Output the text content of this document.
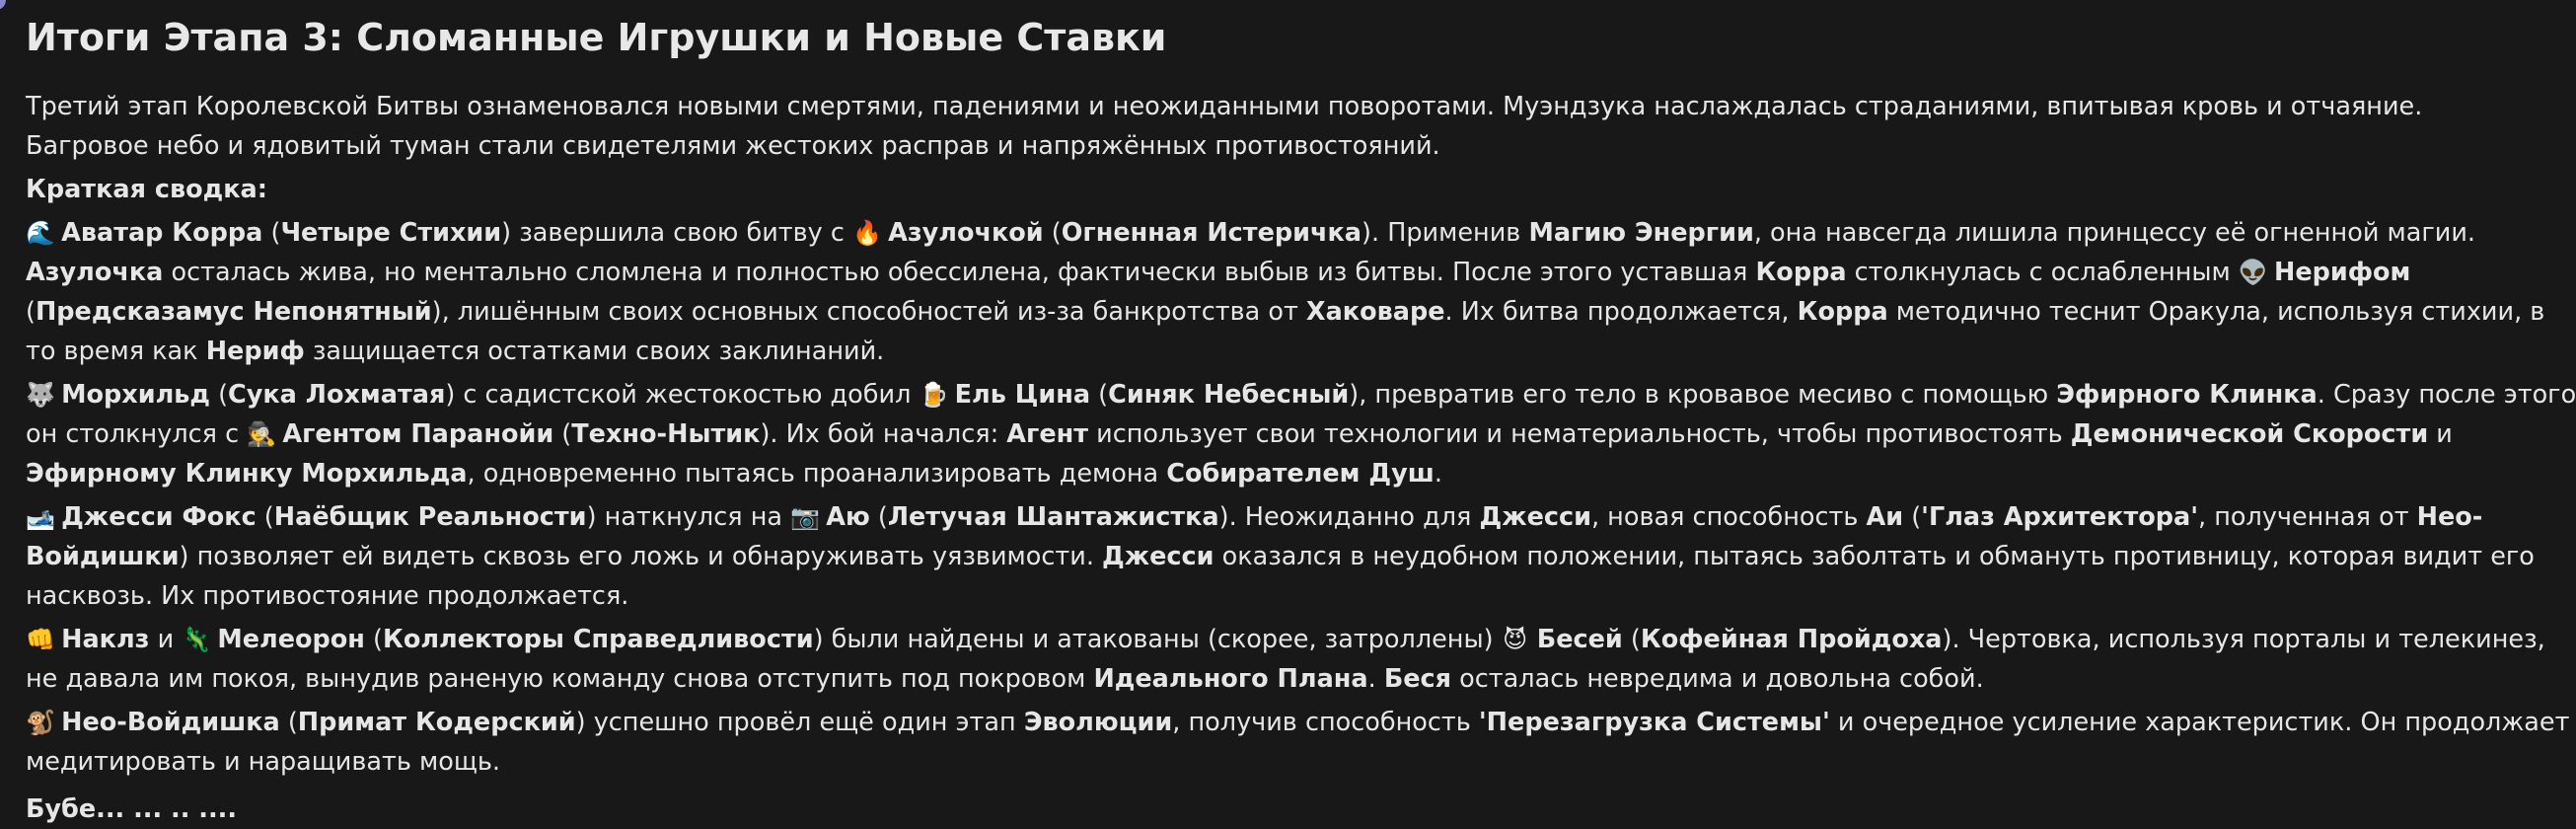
Итоги Этапа 3: Сломанные Игрушки и Новые Ставки
Третий этап Королевской Битвы ознаменовался новыми смертями, падениями и неожиданными поворотами. Муэндзука наслаждалась страданиями, впитывая кровь и отчаяние.
Багровое небо и ядовитый туман стали свидетелями жестоких расправ и напряжённых противостояний.
Краткая сводка:
🌊 Аватар Корра (Четыре Стихии) завершила свою битву с 🔥 Азулочкой (Огненная Истеричка). Применив Магию Энергии, она навсегда лишила принцессу её огненной магии.
Азулочка осталась жива, но ментально сломлена и полностью обессилена, фактически выбыв из битвы. После этого уставшая Корра столкнулась с ослабленным 👽 Нерифом
(Предсказамус Непонятный), лишённым своих основных способностей из-за банкротства от Хаковаре. Их битва продолжается, Корра методично теснит Оракула, используя стихии, в
то время как Нериф защищается остатками своих заклинаний.
🐺 Морхильд (Сука Лохматая) с садистской жестокостью добил 🍺 Ель Цина (Синяк Небесный), превратив его тело в кровавое месиво с помощью Эфирного Клинка. Сразу после этого
он столкнулся с 🕵 Агентом Паранойи (Техно-Нытик). Их бой начался: Агент использует свои технологии и нематериальность, чтобы противостоять Демонической Скорости и
Эфирному Клинку Морхильда, одновременно пытаясь проанализировать демона Собирателем Душ.
🎿 Джесси Фокс (Наёбщик Реальности) наткнулся на 📷 Аю (Летучая Шантажистка). Неожиданно для Джесси, новая способность Аи ('Глаз Архитектора', полученная от Нео-
Войдишки) позволяет ей видеть сквозь его ложь и обнаруживать уязвимости. Джесси оказался в неудобном положении, пытаясь заболтать и обмануть противницу, которая видит его
насквозь. Их противостояние продолжается.
👊 Наклз и 🦎 Мелеорон (Коллекторы Справедливости) были найдены и атакованы (скорее, затроллены) 😈 Бесей (Кофейная Пройдоха). Чертовка, используя порталы и телекинез,
не давала им покоя, вынудив раненую команду снова отступить под покровом Идеального Плана. Беся осталась невредима и довольна собой.
🐒 Нео-Войдишка (Примат Кодерский) успешно провёл ещё один этап Эволюции, получив способность 'Перезагрузка Системы' и очередное усиление характеристик. Он продолжает
медитировать и наращивать мощь.
Бубе... ... .. ....
